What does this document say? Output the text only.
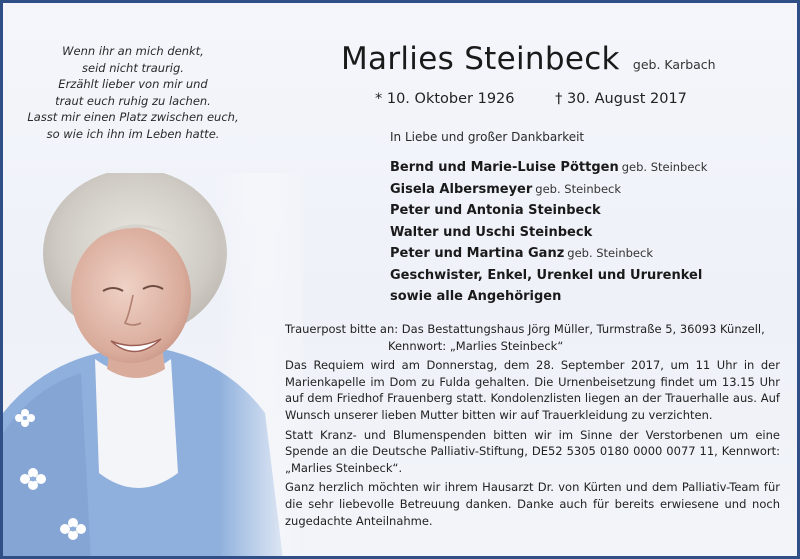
Wenn ihr an mich denkt,
seid nicht traurig.
Erzählt lieber von mir und
traut euch ruhig zu lachen.
Lasst mir einen Platz zwischen euch,
so wie ich ihn im Leben hatte.
Marlies Steinbeck geb. Karbach
* 10. Oktober 1926	† 30. August 2017
In Liebe und großer Dankbarkeit
Bernd und Marie-Luise Pöttgen geb. Steinbeck
Gisela Albersmeyer geb. Steinbeck
Peter und Antonia Steinbeck
Walter und Uschi Steinbeck
Peter und Martina Ganz geb. Steinbeck
Geschwister, Enkel, Urenkel und Ururenkel
sowie alle Angehörigen
Trauerpost bitte an: Das Bestattungshaus Jörg Müller, Turmstraße 5, 36093 Künzell,
Kennwort: „Marlies Steinbeck“

Das Requiem wird am Donnerstag, dem 28. September 2017, um 11 Uhr in der Marienkapelle im Dom zu Fulda gehalten. Die Urnenbeisetzung findet um 13.15 Uhr auf dem Friedhof Frauenberg statt. Kondolenzlisten liegen an der Trauerhalle aus. Auf Wunsch unserer lieben Mutter bitten wir auf Trauerkleidung zu verzichten.

Statt Kranz- und Blumenspenden bitten wir im Sinne der Verstorbenen um eine Spende an die Deutsche Palliativ-Stiftung, DE52 5305 0180 0000 0077 11, Kennwort: „Marlies Steinbeck“.

Ganz herzlich möchten wir ihrem Hausarzt Dr. von Kürten und dem Palliativ-Team für die sehr liebevolle Betreuung danken. Danke auch für bereits erwiesene und noch zugedachte Anteilnahme.
